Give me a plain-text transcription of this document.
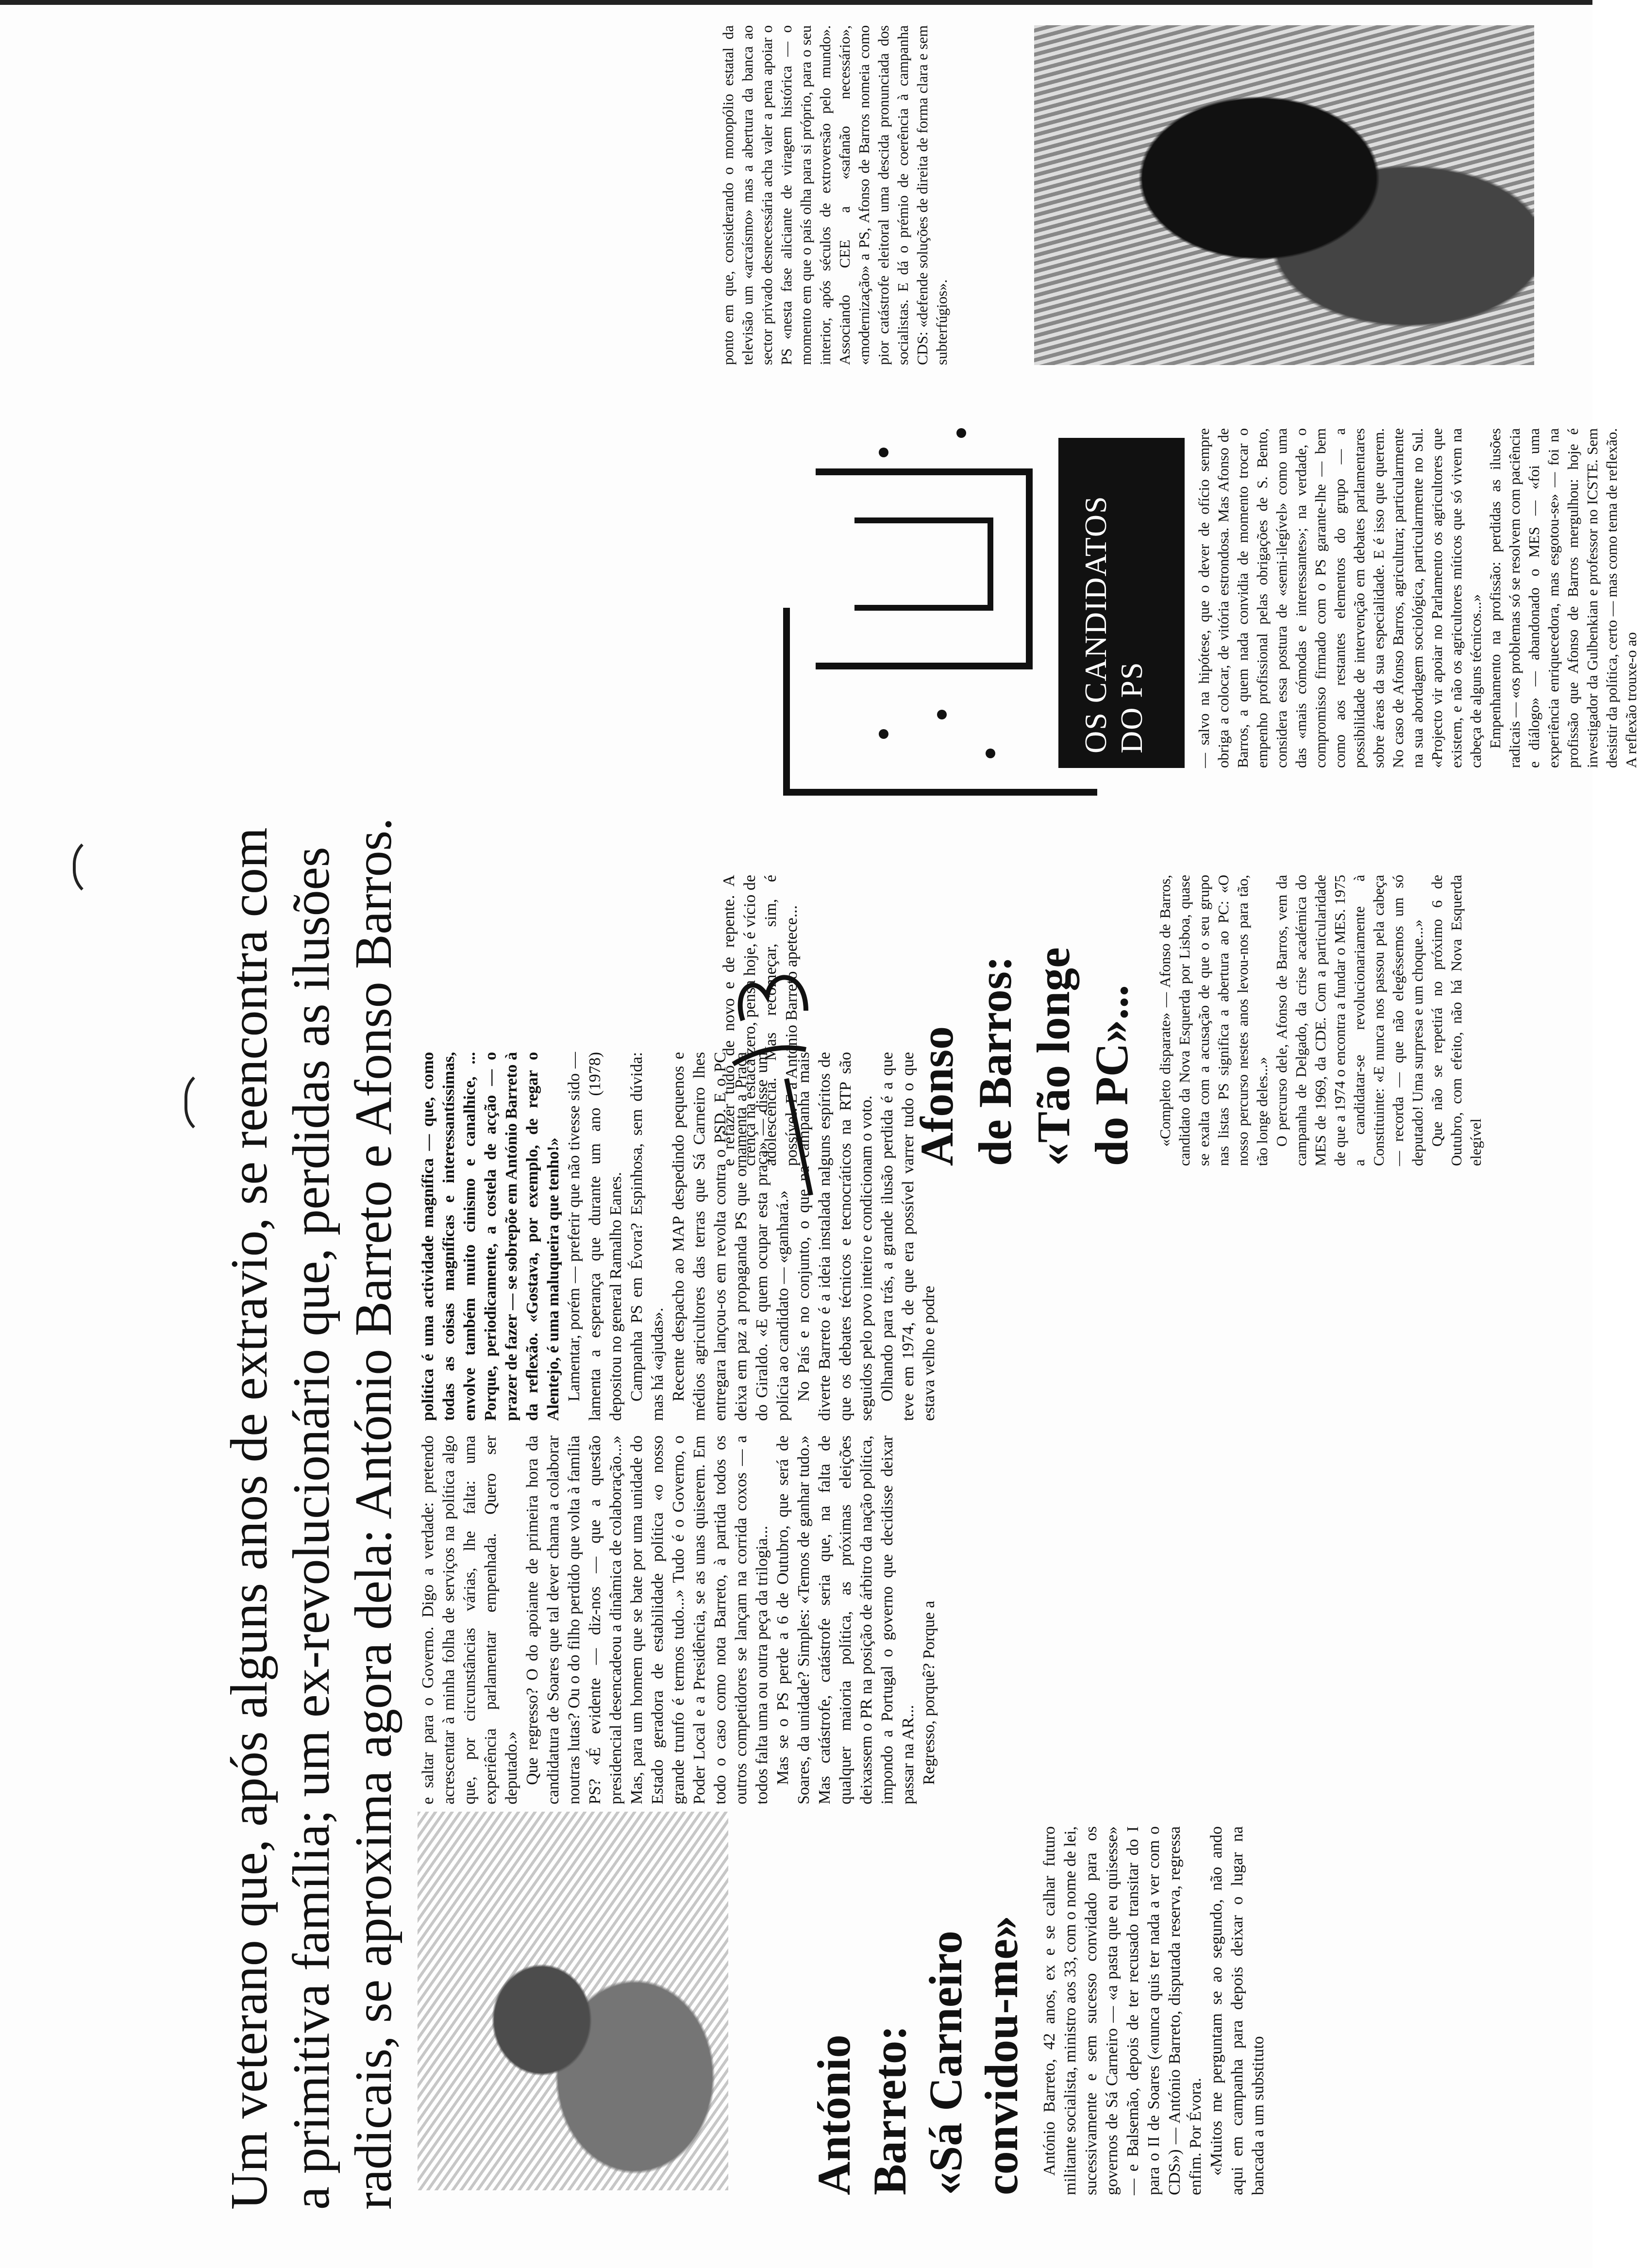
Um veterano que, após alguns anos de extravio, se reencontra com a primitiva família; um ex-revolucionário que, perdidas as ilusões radicais, se aproxima agora dela: António Barreto e Afonso Barros.	1/3
António Barreto: «Sá Carneiro convidou-me» António Barreto, 42 anos, ex e se calhar futuro militante socialista, ministro aos 33, com o nome de lei, sucessivamente e sem sucesso convidado para os governos de Sá Carneiro — «a pasta que eu quisesse» — e Balsemão, depois de ter recusado transitar do I para o II de Soares («nunca quis ter nada a ver com o CDS») — António Barreto, disputada reserva, regressa enfim. Por Évora. «Muitos me perguntam se ao segundo, não ando aqui em campanha para depois deixar o lugar na bancada a um substituto

e saltar para o Governo. Digo a verdade: pretendo acrescentar à minha folha de serviços na política algo que, por circunstâncias várias, lhe falta: uma experiência parlamentar empenhada. Quero ser deputado.» Que regresso? O do apoiante de primeira hora da candidatura de Soares que tal dever chama a colaborar noutras lutas? Ou o do filho perdido que volta à família PS? «É evidente — diz-nos — que a questão presidencial desencadeou a dinâmica de colaboração...» Mas, para um homem que se bate por uma unidade do Estado geradora de estabilidade política «o nosso grande trunfo é termos tudo...» Tudo é o Governo, o Poder Local e a Presidência, se as unas quiserem. Em todo o caso como nota Barreto, à partida todos os outros competidores se lançam na corrida coxos — a todos falta uma ou outra peça da trilogia... Mas se o PS perde a 6 de Outubro, que será de Soares, da unidade? Simples: «Temos de ganhar tudo.» Mas catástrofe, catástrofe seria que, na falta de qualquer maioria política, as próximas eleições deixassem o PR na posição de árbitro da nação política, impondo a Portugal o governo que decidisse deixar passar na AR... Regresso, porquê? Porque a

política é uma actividade magnífica — que, como todas as coisas magníficas e interessantíssimas, envolve também muito cinismo e canalhice, ... Porque, periodicamente, a costela de acção — o prazer de fazer — se sobrepõe em António Barreto à da reflexão. «Gostava, por exemplo, de regar o Alentejo, é uma maluqueira que tenho!» Lamentar, porém — preferir que não tivesse sido — lamenta a esperança que durante um ano (1978) depositou no general Ramalho Eanes. Campanha PS em Évora? Espinhosa, sem dúvida: mas há «ajudas». Recente despacho ao MAP despedindo pequenos e médios agricultores das terras que Sá Carneiro lhes entregara lançou-os em revolta contra o PSD. E o PC deixa em paz a propaganda PS que ornamenta a Praça do Giraldo. «E quem ocupar esta praça» — disse um polícia ao candidato — «ganhará.» No País e no conjunto, o que na campanha mais diverte Barreto é a ideia instalada nalguns espíritos de que os debates técnicos e tecnocráticos na RTP são seguidos pelo povo inteiro e condicionam o voto. Olhando para trás, a grande ilusão perdida é a que teve em 1974, de que era possível varrer tudo o que estava velho e podre

e refazer tudo de novo e de repente. A crença na estaca zero, pensa hoje, é vício de adolescência. Mas recomeçar, sim, é possível. E a António Barreto apetece... Afonso de Barros: «Tão longe do PC»... «Completo disparate» — Afonso de Barros, candidato da Nova Esquerda por Lisboa, quase se exalta com a acusação de que o seu grupo nas listas PS significa a abertura ao PC: «O nosso percurso nestes anos levou-nos para tão, tão longe deles...» O percurso dele, Afonso de Barros, vem da campanha de Delgado, da crise académica do MES de 1969, da CDE. Com a particularidade de que a 1974 o encontra a fundar o MES. 1975 a candidatar-se revolucionariamente à Constituinte: «E nunca nos passou pela cabeça — recorda — que não elegêssemos um só deputado! Uma surpresa e um choque...» Que não se repetirá no próximo 6 de Outubro, com efeito, não há Nova Esquerda elegível

OS CANDIDATOS DO PS	— salvo na hipótese, que o dever de ofício sempre obriga a colocar, de vitória estrondosa. Mas Afonso de Barros, a quem nada convidia de momento trocar o empenho profissional pelas obrigações de S. Bento, considera essa postura de «semi-ilegível» como uma das «mais cómodas e interessantes»; na verdade, o compromisso firmado com o PS garante-lhe — bem como aos restantes elementos do grupo — a possibilidade de intervenção em debates parlamentares sobre áreas da sua especialidade. E é isso que querem. No caso de Afonso Barros, agricultura; particularmente na sua abordagem sociológica, particularmente no Sul. «Projecto vir apoiar no Parlamento os agricultores que existem, e não os agricultores míticos que só vivem na cabeça de alguns técnicos...» Empenhamento na profissão: perdidas as ilusões radicais — «os problemas só se resolvem com paciência e diálogo» — abandonado o MES — «foi uma experiência enriquecedora, mas esgotou-se» — foi na profissão que Afonso de Barros mergulhou: hoje é investigador da Gulbenkian e professor no ICSTE. Sem desistir da política, certo — mas como tema de reflexão. A reflexão trouxe-o ao

ponto em que, considerando o monopólio estatal da televisão um «arcaísmo» mas a abertura da banca ao sector privado desnecessária acha valer a pena apoiar o PS «nesta fase aliciante de viragem histórica — o momento em que o país olha para si próprio, para o seu interior, após séculos de extroversão pelo mundo». Associando CEE a «safanão necessário», «modernização» a PS, Afonso de Barros nomeia como pior catástrofe eleitoral uma descida pronunciada dos socialistas. E dá o prémio de coerência à campanha CDS: «defende soluções de direita de forma clara e sem subterfúgios».
